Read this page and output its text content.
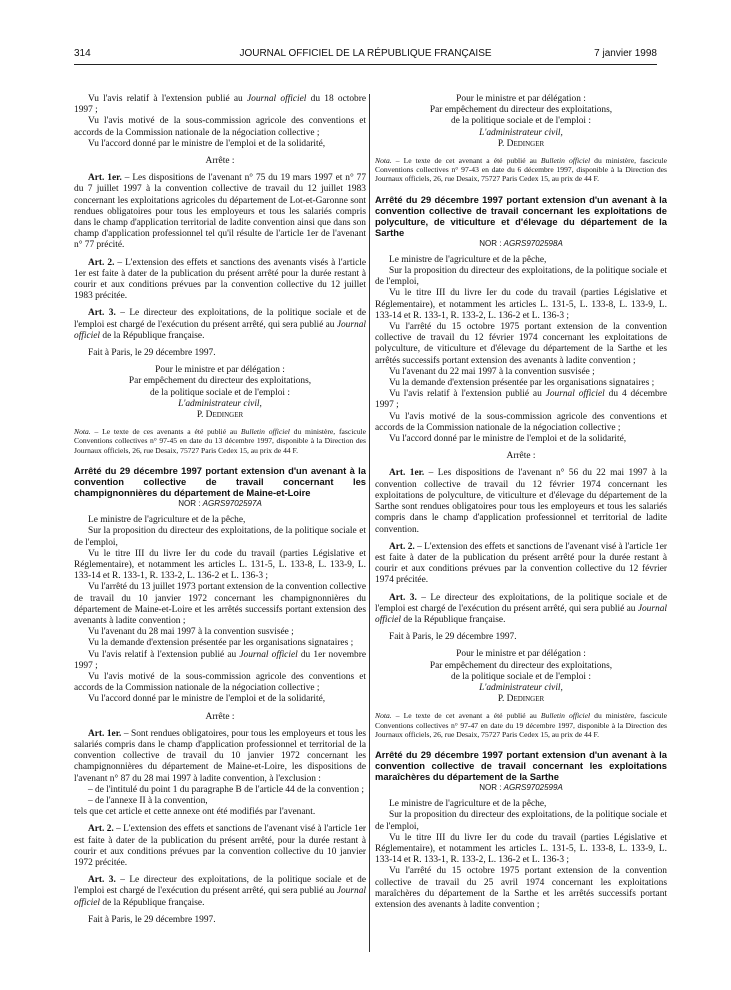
314	JOURNAL OFFICIEL DE LA RÉPUBLIQUE FRANÇAISE	7 janvier 1998

Vu l'avis relatif à l'extension publié au Journal officiel du 18 octobre 1997 ;

Vu l'avis motivé de la sous-commission agricole des conventions et accords de la Commission nationale de la négociation collective ;

Vu l'accord donné par le ministre de l'emploi et de la solidarité,

Arrête :

Art. 1er. – Les dispositions de l'avenant n° 75 du 19 mars 1997 et n° 77 du 7 juillet 1997 à la convention collective de travail du 12 juillet 1983 concernant les exploitations agricoles du département de Lot-et-Garonne sont rendues obligatoires pour tous les employeurs et tous les salariés compris dans le champ d'application territorial de ladite convention ainsi que dans son champ d'application professionnel tel qu'il résulte de l'article 1er de l'avenant n° 77 précité.

Art. 2. – L'extension des effets et sanctions des avenants visés à l'article 1er est faite à dater de la publication du présent arrêté pour la durée restant à courir et aux conditions prévues par la convention collective du 12 juillet 1983 précitée.

Art. 3. – Le directeur des exploitations, de la politique sociale et de l'emploi est chargé de l'exécution du présent arrêté, qui sera publié au Journal officiel de la République française.

Fait à Paris, le 29 décembre 1997.

Pour le ministre et par délégation :

Par empêchement du directeur des exploitations,

de la politique sociale et de l'emploi :

L'administrateur civil,

P. Dedinger

Nota. – Le texte de ces avenants a été publié au Bulletin officiel du ministère, fascicule Conventions collectives n° 97-45 en date du 13 décembre 1997, disponible à la Direction des Journaux officiels, 26, rue Desaix, 75727 Paris Cedex 15, au prix de 44 F.

Arrêté du 29 décembre 1997 portant extension d'un avenant à la convention collective de travail concernant les champignonnières du département de Maine-et-Loire

NOR : AGRS9702597A

Le ministre de l'agriculture et de la pêche,

Sur la proposition du directeur des exploitations, de la politique sociale et de l'emploi,

Vu le titre III du livre Ier du code du travail (parties Législative et Réglementaire), et notamment les articles L. 131-5, L. 133-8, L. 133-9, L. 133-14 et R. 133-1, R. 133-2, L. 136-2 et L. 136-3 ;

Vu l'arrêté du 13 juillet 1973 portant extension de la convention collective de travail du 10 janvier 1972 concernant les champignonnières du département de Maine-et-Loire et les arrêtés successifs portant extension des avenants à ladite convention ;

Vu l'avenant du 28 mai 1997 à la convention susvisée ;

Vu la demande d'extension présentée par les organisations signataires ;

Vu l'avis relatif à l'extension publié au Journal officiel du 1er novembre 1997 ;

Vu l'avis motivé de la sous-commission agricole des conventions et accords de la Commission nationale de la négociation collective ;

Vu l'accord donné par le ministre de l'emploi et de la solidarité,

Arrête :

Art. 1er. – Sont rendues obligatoires, pour tous les employeurs et tous les salariés compris dans le champ d'application professionnel et territorial de la convention collective de travail du 10 janvier 1972 concernant les champignonnières du département de Maine-et-Loire, les dispositions de l'avenant n° 87 du 28 mai 1997 à ladite convention, à l'exclusion :

– de l'intitulé du point 1 du paragraphe B de l'article 44 de la convention ;

– de l'annexe II à la convention,

tels que cet article et cette annexe ont été modifiés par l'avenant.

Art. 2. – L'extension des effets et sanctions de l'avenant visé à l'article 1er est faite à dater de la publication du présent arrêté, pour la durée restant à courir et aux conditions prévues par la convention collective du 10 janvier 1972 précitée.

Art. 3. – Le directeur des exploitations, de la politique sociale et de l'emploi est chargé de l'exécution du présent arrêté, qui sera publié au Journal officiel de la République française.

Fait à Paris, le 29 décembre 1997.

Pour le ministre et par délégation :

Par empêchement du directeur des exploitations,

de la politique sociale et de l'emploi :

L'administrateur civil,

P. Dedinger

Nota. – Le texte de cet avenant a été publié au Bulletin officiel du ministère, fascicule Conventions collectives n° 97-43 en date du 6 décembre 1997, disponible à la Direction des Journaux officiels, 26, rue Desaix, 75727 Paris Cedex 15, au prix de 44 F.

Arrêté du 29 décembre 1997 portant extension d'un avenant à la convention collective de travail concernant les exploitations de polyculture, de viticulture et d'élevage du département de la Sarthe

NOR : AGRS9702598A

Le ministre de l'agriculture et de la pêche,

Sur la proposition du directeur des exploitations, de la politique sociale et de l'emploi,

Vu le titre III du livre Ier du code du travail (parties Législative et Réglementaire), et notamment les articles L. 131-5, L. 133-8, L. 133-9, L. 133-14 et R. 133-1, R. 133-2, L. 136-2 et L. 136-3 ;

Vu l'arrêté du 15 octobre 1975 portant extension de la convention collective de travail du 12 février 1974 concernant les exploitations de polyculture, de viticulture et d'élevage du département de la Sarthe et les arrêtés successifs portant extension des avenants à ladite convention ;

Vu l'avenant du 22 mai 1997 à la convention susvisée ;

Vu la demande d'extension présentée par les organisations signataires ;

Vu l'avis relatif à l'extension publié au Journal officiel du 4 décembre 1997 ;

Vu l'avis motivé de la sous-commission agricole des conventions et accords de la Commission nationale de la négociation collective ;

Vu l'accord donné par le ministre de l'emploi et de la solidarité,

Arrête :

Art. 1er. – Les dispositions de l'avenant n° 56 du 22 mai 1997 à la convention collective de travail du 12 février 1974 concernant les exploitations de polyculture, de viticulture et d'élevage du département de la Sarthe sont rendues obligatoires pour tous les employeurs et tous les salariés compris dans le champ d'application professionnel et territorial de ladite convention.

Art. 2. – L'extension des effets et sanctions de l'avenant visé à l'article 1er est faite à dater de la publication du présent arrêté pour la durée restant à courir et aux conditions prévues par la convention collective du 12 février 1974 précitée.

Art. 3. – Le directeur des exploitations, de la politique sociale et de l'emploi est chargé de l'exécution du présent arrêté, qui sera publié au Journal officiel de la République française.

Fait à Paris, le 29 décembre 1997.

Pour le ministre et par délégation :

Par empêchement du directeur des exploitations,

de la politique sociale et de l'emploi :

L'administrateur civil,

P. Dedinger

Nota. – Le texte de cet avenant a été publié au Bulletin officiel du ministère, fascicule Conventions collectives n° 97-47 en date du 19 décembre 1997, disponible à la Direction des Journaux officiels, 26, rue Desaix, 75727 Paris Cedex 15, au prix de 44 F.

Arrêté du 29 décembre 1997 portant extension d'un avenant à la convention collective de travail concernant les exploitations maraîchères du département de la Sarthe

NOR : AGRS9702599A

Le ministre de l'agriculture et de la pêche,

Sur la proposition du directeur des exploitations, de la politique sociale et de l'emploi,

Vu le titre III du livre Ier du code du travail (parties Législative et Réglementaire), et notamment les articles L. 131-5, L. 133-8, L. 133-9, L. 133-14 et R. 133-1, R. 133-2, L. 136-2 et L. 136-3 ;

Vu l'arrêté du 15 octobre 1975 portant extension de la convention collective de travail du 25 avril 1974 concernant les exploitations maraîchères du département de la Sarthe et les arrêtés successifs portant extension des avenants à ladite convention ;
